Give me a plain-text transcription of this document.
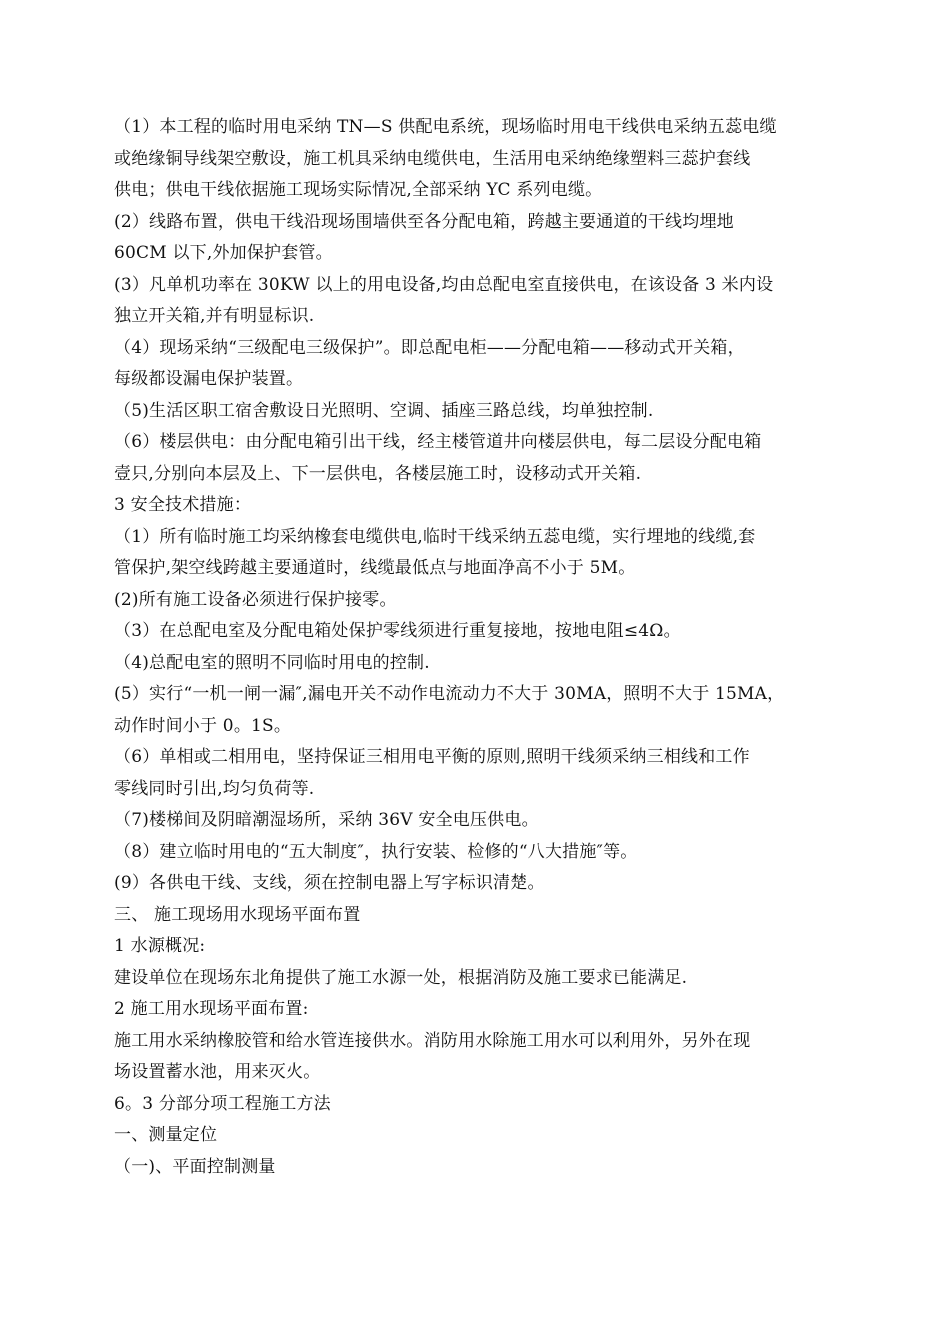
（1）本工程的临时用电采纳 TN—S 供配电系统，现场临时用电干线供电采纳五蕊电缆
或绝缘铜导线架空敷设，施工机具采纳电缆供电，生活用电采纳绝缘塑料三蕊护套线
供电；供电干线依据施工现场实际情况,全部采纳 YC 系列电缆。
(2）线路布置，供电干线沿现场围墙供至各分配电箱，跨越主要通道的干线均埋地
60CM 以下,外加保护套管。
(3）凡单机功率在 30KW 以上的用电设备,均由总配电室直接供电，在该设备 3 米内设
独立开关箱,并有明显标识.
（4）现场采纳“三级配电三级保护”。即总配电柜——分配电箱——移动式开关箱，
每级都设漏电保护装置。
（5)生活区职工宿舍敷设日光照明、空调、插座三路总线，均单独控制.
（6）楼层供电：由分配电箱引出干线，经主楼管道井向楼层供电，每二层设分配电箱
壹只,分别向本层及上、下一层供电，各楼层施工时，设移动式开关箱.
3 安全技术措施：
（1）所有临时施工均采纳橡套电缆供电,临时干线采纳五蕊电缆，实行埋地的线缆,套
管保护,架空线跨越主要通道时，线缆最低点与地面净高不小于 5M。
(2)所有施工设备必须进行保护接零。
（3）在总配电室及分配电箱处保护零线须进行重复接地，按地电阻≤4Ω。
（4)总配电室的照明不同临时用电的控制.
(5）实行“一机一闸一漏″,漏电开关不动作电流动力不大于 30MA，照明不大于 15MA，
动作时间小于 0。1S。
（6）单相或二相用电，坚持保证三相用电平衡的原则,照明干线须采纳三相线和工作
零线同时引出,均匀负荷等.
（7)楼梯间及阴暗潮湿场所，采纳 36V 安全电压供电。
（8）建立临时用电的“五大制度″，执行安装、检修的“八大措施″等。
(9）各供电干线、支线，须在控制电器上写字标识清楚。
三、 施工现场用水现场平面布置
1 水源概况:
建设单位在现场东北角提供了施工水源一处，根据消防及施工要求已能满足.
2 施工用水现场平面布置:
施工用水采纳橡胶管和给水管连接供水。消防用水除施工用水可以利用外，另外在现
场设置蓄水池，用来灭火。
6。3 分部分项工程施工方法
一、测量定位
（一)、平面控制测量
